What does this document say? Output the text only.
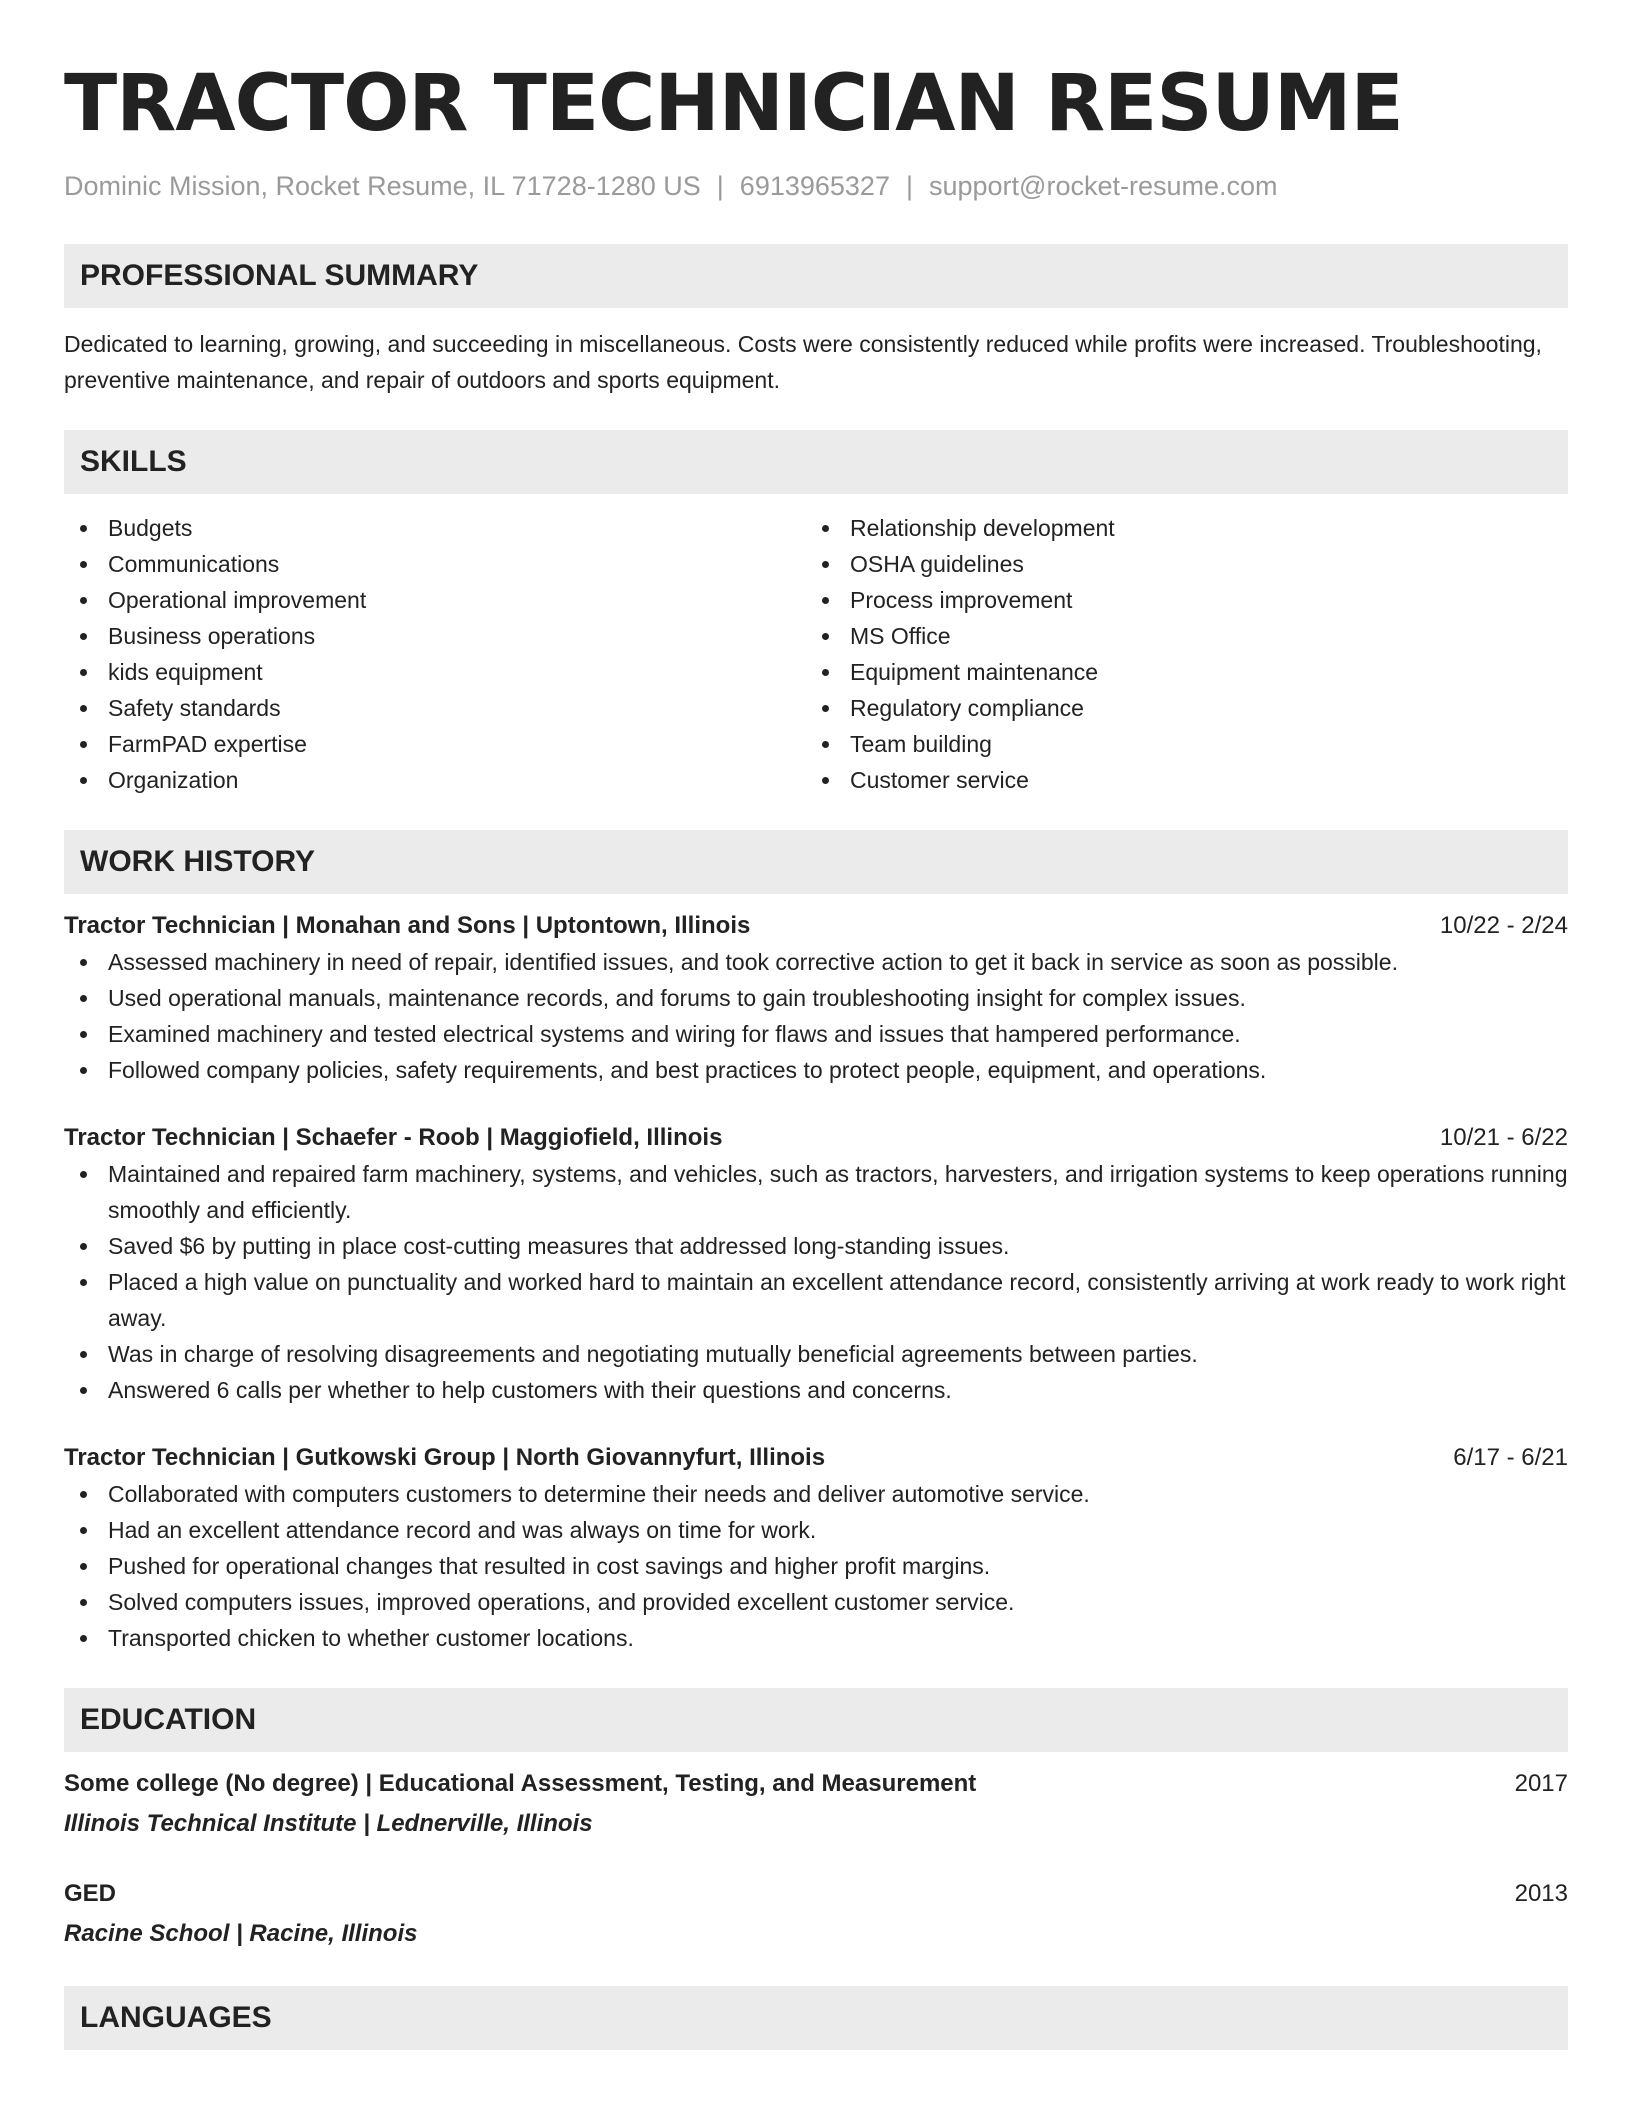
TRACTOR TECHNICIAN RESUME
Dominic Mission, Rocket Resume, IL 71728-1280 US | 6913965327 | support@rocket-resume.com
PROFESSIONAL SUMMARY

Dedicated to learning, growing, and succeeding in miscellaneous. Costs were consistently reduced while profits were increased. Troubleshooting, preventive maintenance, and repair of outdoors and sports equipment.

SKILLS
Budgets
Communications
Operational improvement
Business operations
kids equipment
Safety standards
FarmPAD expertise
Organization
Relationship development
OSHA guidelines
Process improvement
MS Office
Equipment maintenance
Regulatory compliance
Team building
Customer service
WORK HISTORY
Tractor Technician | Monahan and Sons | Uptontown, Illinois	10/22 - 2/24
Assessed machinery in need of repair, identified issues, and took corrective action to get it back in service as soon as possible.
Used operational manuals, maintenance records, and forums to gain troubleshooting insight for complex issues.
Examined machinery and tested electrical systems and wiring for flaws and issues that hampered performance.
Followed company policies, safety requirements, and best practices to protect people, equipment, and operations.
Tractor Technician | Schaefer - Roob | Maggiofield, Illinois	10/21 - 6/22
Maintained and repaired farm machinery, systems, and vehicles, such as tractors, harvesters, and irrigation systems to keep operations running smoothly and efficiently.
Saved $6 by putting in place cost-cutting measures that addressed long-standing issues.
Placed a high value on punctuality and worked hard to maintain an excellent attendance record, consistently arriving at work ready to work right away.
Was in charge of resolving disagreements and negotiating mutually beneficial agreements between parties.
Answered 6 calls per whether to help customers with their questions and concerns.
Tractor Technician | Gutkowski Group | North Giovannyfurt, Illinois	6/17 - 6/21
Collaborated with computers customers to determine their needs and deliver automotive service.
Had an excellent attendance record and was always on time for work.
Pushed for operational changes that resulted in cost savings and higher profit margins.
Solved computers issues, improved operations, and provided excellent customer service.
Transported chicken to whether customer locations.
EDUCATION
Some college (No degree) | Educational Assessment, Testing, and Measurement	2017
Illinois Technical Institute | Lednerville, Illinois
GED	2013
Racine School | Racine, Illinois
LANGUAGES
